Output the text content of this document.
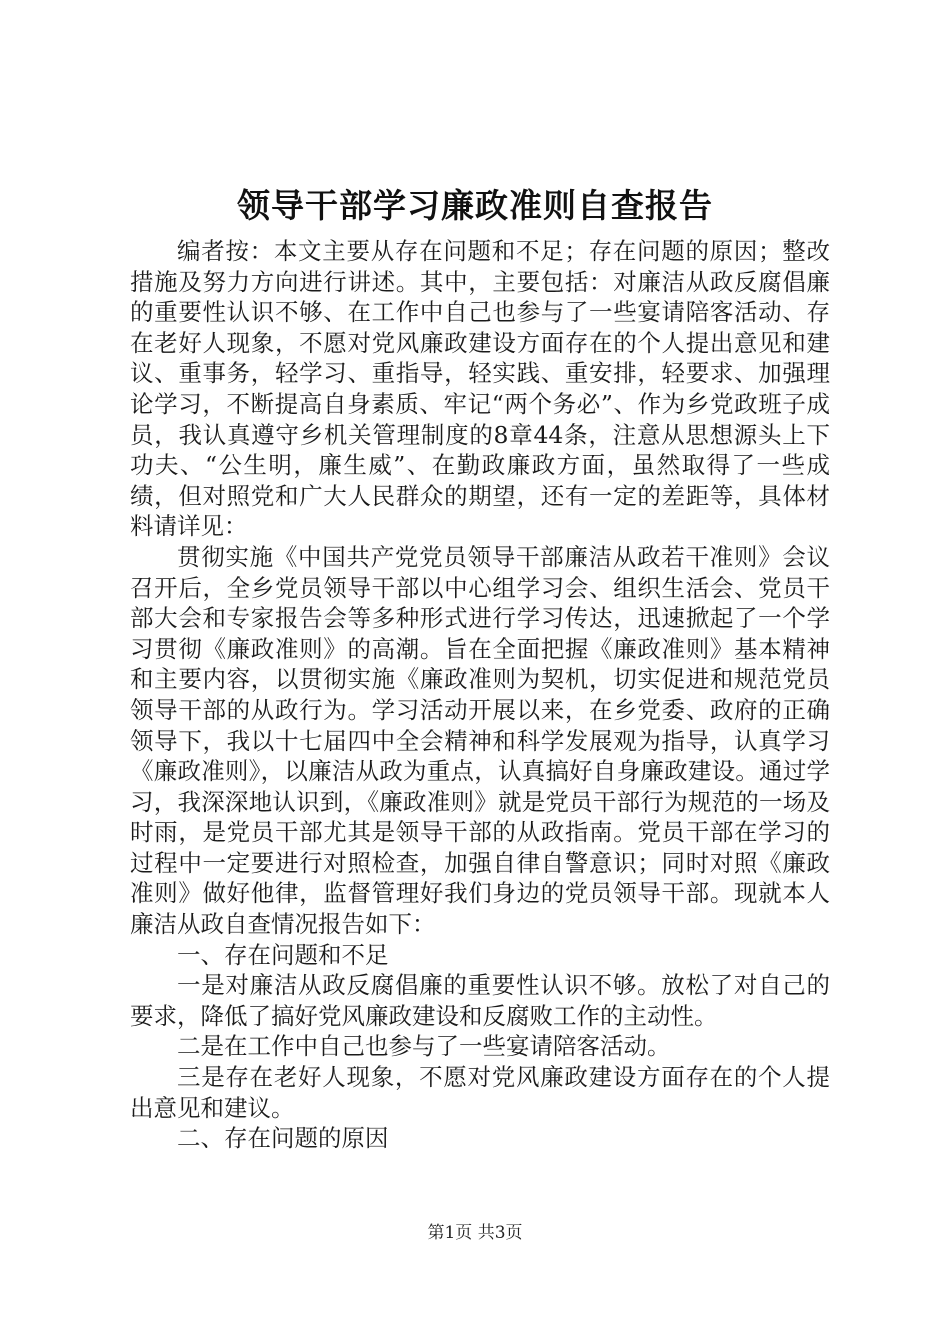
领导干部学习廉政准则自查报告

编者按：本文主要从存在问题和不足；存在问题的原因；整改措施及努力方向进行讲述。其中，主要包括：对廉洁从政反腐倡廉的重要性认识不够、在工作中自己也参与了一些宴请陪客活动、存在老好人现象，不愿对党风廉政建设方面存在的个人提出意见和建议、重事务，轻学习、重指导，轻实践、重安排，轻要求、加强理论学习，不断提高自身素质、牢记“两个务必”、作为乡党政班子成员，我认真遵守乡机关管理制度的8章44条，注意从思想源头上下功夫、“公生明，廉生威”、在勤政廉政方面，虽然取得了一些成绩，但对照党和广大人民群众的期望，还有一定的差距等，具体材料请详见：

贯彻实施《中国共产党党员领导干部廉洁从政若干准则》会议召开后，全乡党员领导干部以中心组学习会、组织生活会、党员干部大会和专家报告会等多种形式进行学习传达，迅速掀起了一个学习贯彻《廉政准则》的高潮。旨在全面把握《廉政准则》基本精神和主要内容，以贯彻实施《廉政准则为契机，切实促进和规范党员领导干部的从政行为。学习活动开展以来，在乡党委、政府的正确领导下，我以十七届四中全会精神和科学发展观为指导，认真学习《廉政准则》，以廉洁从政为重点，认真搞好自身廉政建设。通过学习，我深深地认识到，《廉政准则》就是党员干部行为规范的一场及时雨，是党员干部尤其是领导干部的从政指南。党员干部在学习的过程中一定要进行对照检查，加强自律自警意识；同时对照《廉政准则》做好他律，监督管理好我们身边的党员领导干部。现就本人廉洁从政自查情况报告如下：

一、存在问题和不足

一是对廉洁从政反腐倡廉的重要性认识不够。放松了对自己的要求，降低了搞好党风廉政建设和反腐败工作的主动性。

二是在工作中自己也参与了一些宴请陪客活动。

三是存在老好人现象，不愿对党风廉政建设方面存在的个人提出意见和建议。

二、存在问题的原因

第1页 共3页
